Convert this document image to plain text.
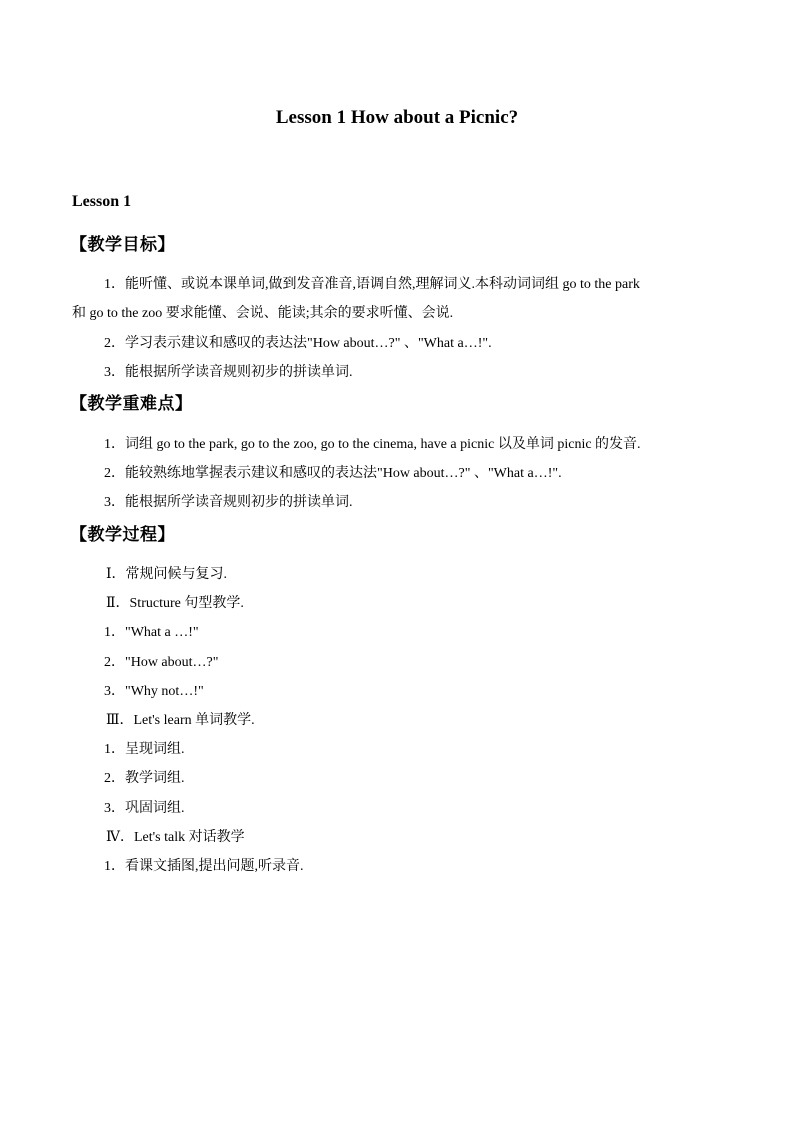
Lesson 1 How about a Picnic?
Lesson 1
【教学目标】
1．能听懂、或说本课单词,做到发音准音,语调自然,理解词义.本科动词词组 go to the park
和 go to the zoo 要求能懂、会说、能读;其余的要求听懂、会说.
2．学习表示建议和感叹的表达法"How about…?" 、"What a…!".
3．能根据所学读音规则初步的拼读单词.
【教学重难点】
1．词组 go to the park, go to the zoo, go to the cinema, have a picnic 以及单词 picnic 的发音.
2．能较熟练地掌握表示建议和感叹的表达法"How about…?" 、"What a…!".
3．能根据所学读音规则初步的拼读单词.
【教学过程】
Ⅰ．常规问候与复习.
Ⅱ．Structure 句型教学.
1．"What a …!"
2．"How about…?"
3．"Why not…!"
Ⅲ．Let's learn 单词教学.
1．呈现词组.
2．教学词组.
3．巩固词组.
Ⅳ．Let's talk 对话教学
1．看课文插图,提出问题,听录音.
